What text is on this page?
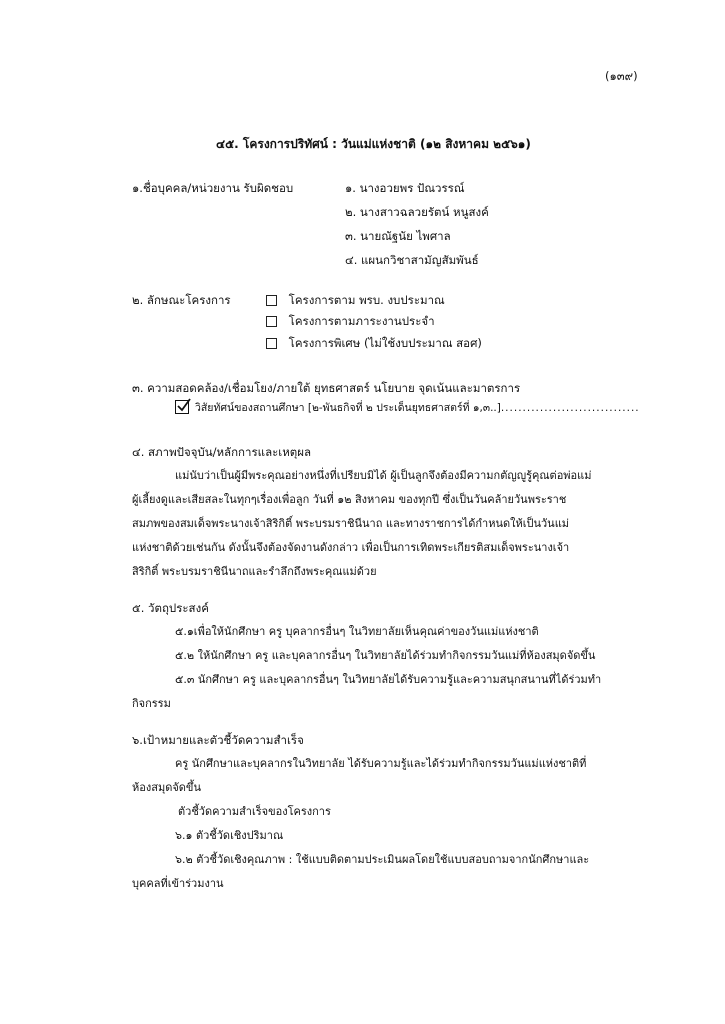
(๑๓๙)
๔๕. โครงการปริทัศน์ : วันแม่แห่งชาติ (๑๒ สิงหาคม ๒๕๖๑)
๑.ชื่อบุคคล/หน่วยงาน รับผิดชอบ	๑. นางอวยพร ปัณวรรณ์
๒. นางสาวฉลวยรัตน์ หนูสงค์
๓. นายณัฐนัย ไพศาล
๔. แผนกวิชาสามัญสัมพันธ์
๒. ลักษณะโครงการ	โครงการตาม พรบ. งบประมาณ
โครงการตามภาระงานประจำ
โครงการพิเศษ (ไม่ใช้งบประมาณ สอศ)
๓. ความสอดคล้อง/เชื่อมโยง/ภายใต้ ยุทธศาสตร์ นโยบาย จุดเน้นและมาตรการ
วิสัยทัศน์ของสถานศึกษา [๒-พันธกิจที่ ๒ ประเด็นยุทธศาสตร์ที่ ๑,๓..]................................
๔. สภาพปัจจุบัน/หลักการและเหตุผล
แม่นับว่าเป็นผู้มีพระคุณอย่างหนึ่งที่เปรียบมิได้ ผู้เป็นลูกจึงต้องมีความกตัญญูรู้คุณต่อพ่อแม่
ผู้เลี้ยงดูและเสียสละในทุกๆเรื่องเพื่อลูก วันที่ ๑๒ สิงหาคม ของทุกปี ซึ่งเป็นวันคล้ายวันพระราช
สมภพของสมเด็จพระนางเจ้าสิริกิติ์ พระบรมราชินีนาถ และทางราชการได้กำหนดให้เป็นวันแม่
แห่งชาติด้วยเช่นกัน ดังนั้นจึงต้องจัดงานดังกล่าว เพื่อเป็นการเทิดพระเกียรติสมเด็จพระนางเจ้า
สิริกิติ์ พระบรมราชินีนาถและรำลึกถึงพระคุณแม่ด้วย
๕. วัตถุประสงค์
๕.๑เพื่อให้นักศึกษา ครู บุคลากรอื่นๆ ในวิทยาลัยเห็นคุณค่าของวันแม่แห่งชาติ
๕.๒ ให้นักศึกษา ครู และบุคลากรอื่นๆ ในวิทยาลัยได้ร่วมทำกิจกรรมวันแม่ที่ห้องสมุดจัดขึ้น
๕.๓ นักศึกษา ครู และบุคลากรอื่นๆ ในวิทยาลัยได้รับความรู้และความสนุกสนานที่ได้ร่วมทำ
กิจกรรม
๖.เป้าหมายและตัวชี้วัดความสำเร็จ
ครู นักศึกษาและบุคลากรในวิทยาลัย ได้รับความรู้และได้ร่วมทำกิจกรรมวันแม่แห่งชาติที่
ห้องสมุดจัดขึ้น
ตัวชี้วัดความสำเร็จของโครงการ
๖.๑ ตัวชี้วัดเชิงปริมาณ
๖.๒ ตัวชี้วัดเชิงคุณภาพ : ใช้แบบติดตามประเมินผลโดยใช้แบบสอบถามจากนักศึกษาและ
บุคคลที่เข้าร่วมงาน
